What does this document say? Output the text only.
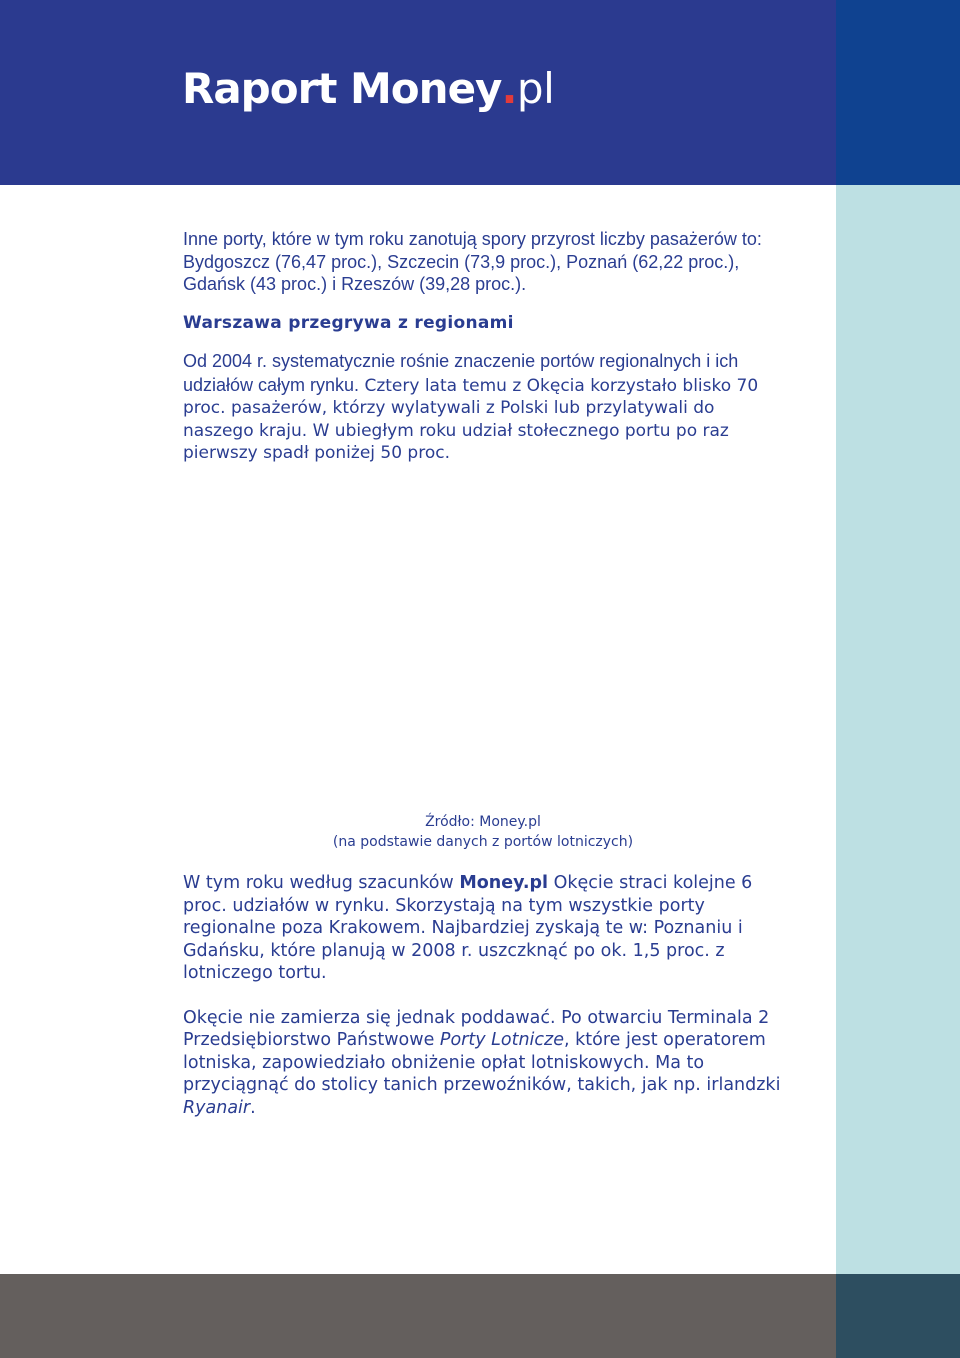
Raport Money.pl

Inne porty, które w tym roku zanotują spory przyrost liczby pasażerów to: Bydgoszcz (76,47 proc.), Szczecin (73,9 proc.), Poznań (62,22 proc.), Gdańsk (43 proc.) i Rzeszów (39,28 proc.).

Warszawa przegrywa z regionami

Od 2004 r. systematycznie rośnie znaczenie portów regionalnych i ich udziałów całym rynku. Cztery lata temu z Okęcia korzystało blisko 70 proc. pasażerów, którzy wylatywali z Polski lub przylatywali do naszego kraju. W ubiegłym roku udział stołecznego portu po raz pierwszy spadł poniżej 50 proc.

Źródło: Money.pl
(na podstawie danych z portów lotniczych)

W tym roku według szacunków Money.pl Okęcie straci kolejne 6 proc. udziałów w rynku. Skorzystają na tym wszystkie porty regionalne poza Krakowem. Najbardziej zyskają te w: Poznaniu i Gdańsku, które planują w 2008 r. uszczknąć po ok. 1,5 proc. z lotniczego tortu.

Okęcie nie zamierza się jednak poddawać. Po otwarciu Terminala 2 Przedsiębiorstwo Państwowe Porty Lotnicze, które jest operatorem lotniska, zapowiedziało obniżenie opłat lotniskowych. Ma to przyciągnąć do stolicy tanich przewoźników, takich, jak np. irlandzki Ryanair.
